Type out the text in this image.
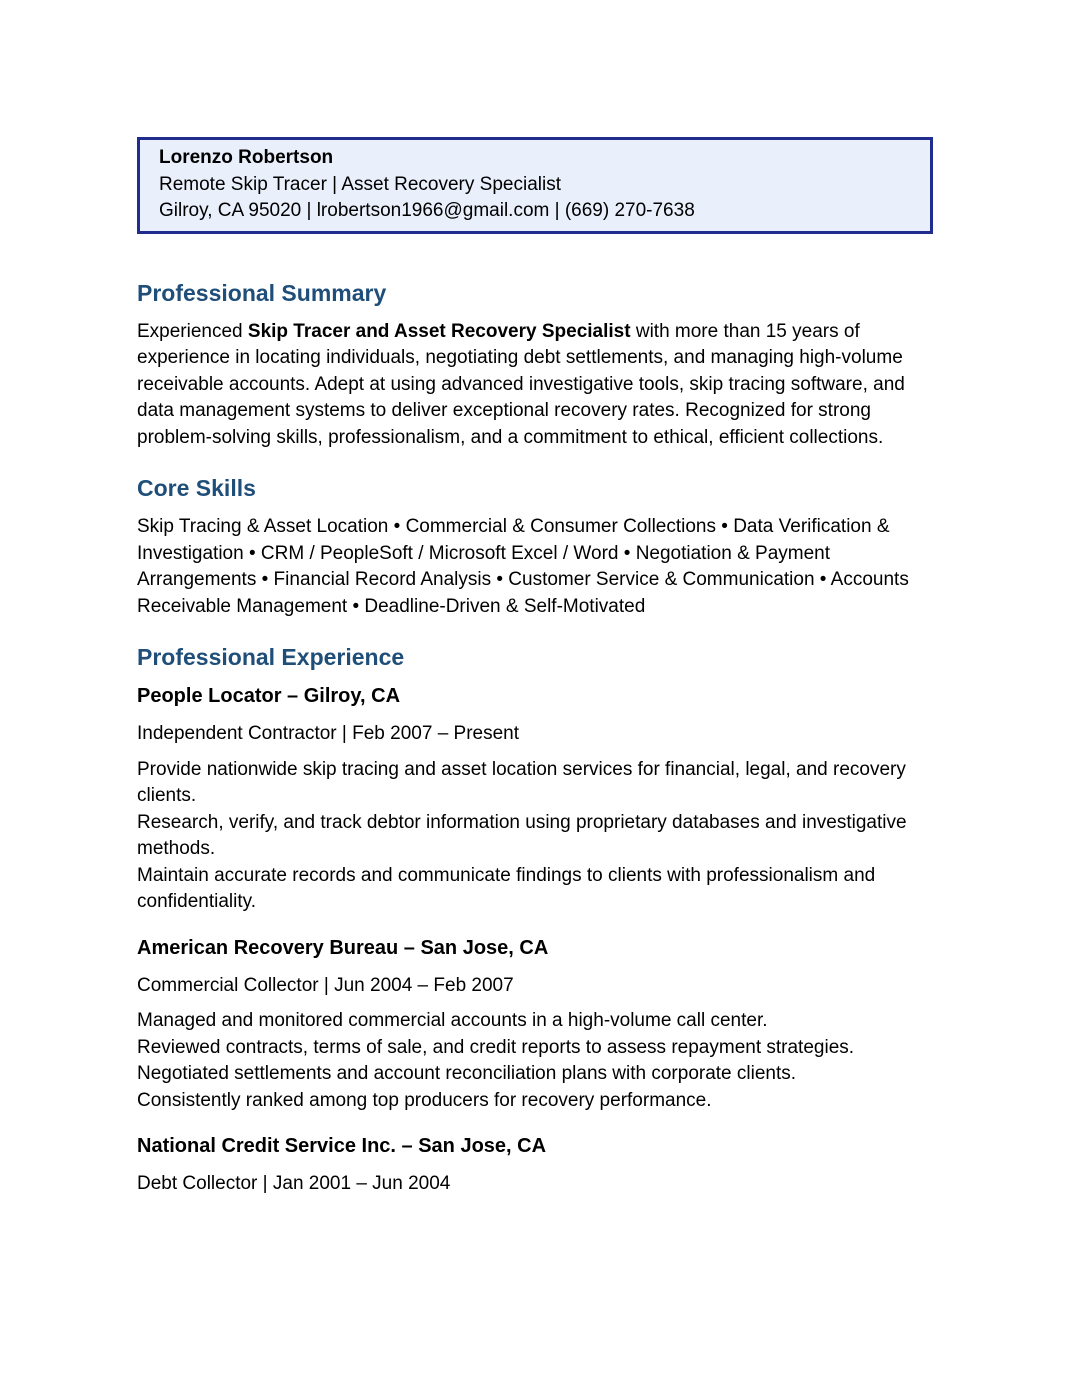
Lorenzo Robertson
Remote Skip Tracer | Asset Recovery Specialist
Gilroy, CA 95020 | lrobertson1966@gmail.com | (669) 270-7638
Professional Summary

Experienced Skip Tracer and Asset Recovery Specialist with more than 15 years of experience in locating individuals, negotiating debt settlements, and managing high-volume receivable accounts. Adept at using advanced investigative tools, skip tracing software, and data management systems to deliver exceptional recovery rates. Recognized for strong problem-solving skills, professionalism, and a commitment to ethical, efficient collections.

Core Skills

Skip Tracing & Asset Location • Commercial & Consumer Collections • Data Verification & Investigation • CRM / PeopleSoft / Microsoft Excel / Word • Negotiation & Payment Arrangements • Financial Record Analysis • Customer Service & Communication • Accounts Receivable Management • Deadline-Driven & Self-Motivated

Professional Experience
People Locator – Gilroy, CA

Independent Contractor | Feb 2007 – Present

Provide nationwide skip tracing and asset location services for financial, legal, and recovery clients.
Research, verify, and track debtor information using proprietary databases and investigative methods.
Maintain accurate records and communicate findings to clients with professionalism and confidentiality.
American Recovery Bureau – San Jose, CA

Commercial Collector | Jun 2004 – Feb 2007

Managed and monitored commercial accounts in a high-volume call center.
Reviewed contracts, terms of sale, and credit reports to assess repayment strategies.
Negotiated settlements and account reconciliation plans with corporate clients.
Consistently ranked among top producers for recovery performance.
National Credit Service Inc. – San Jose, CA

Debt Collector | Jan 2001 – Jun 2004
